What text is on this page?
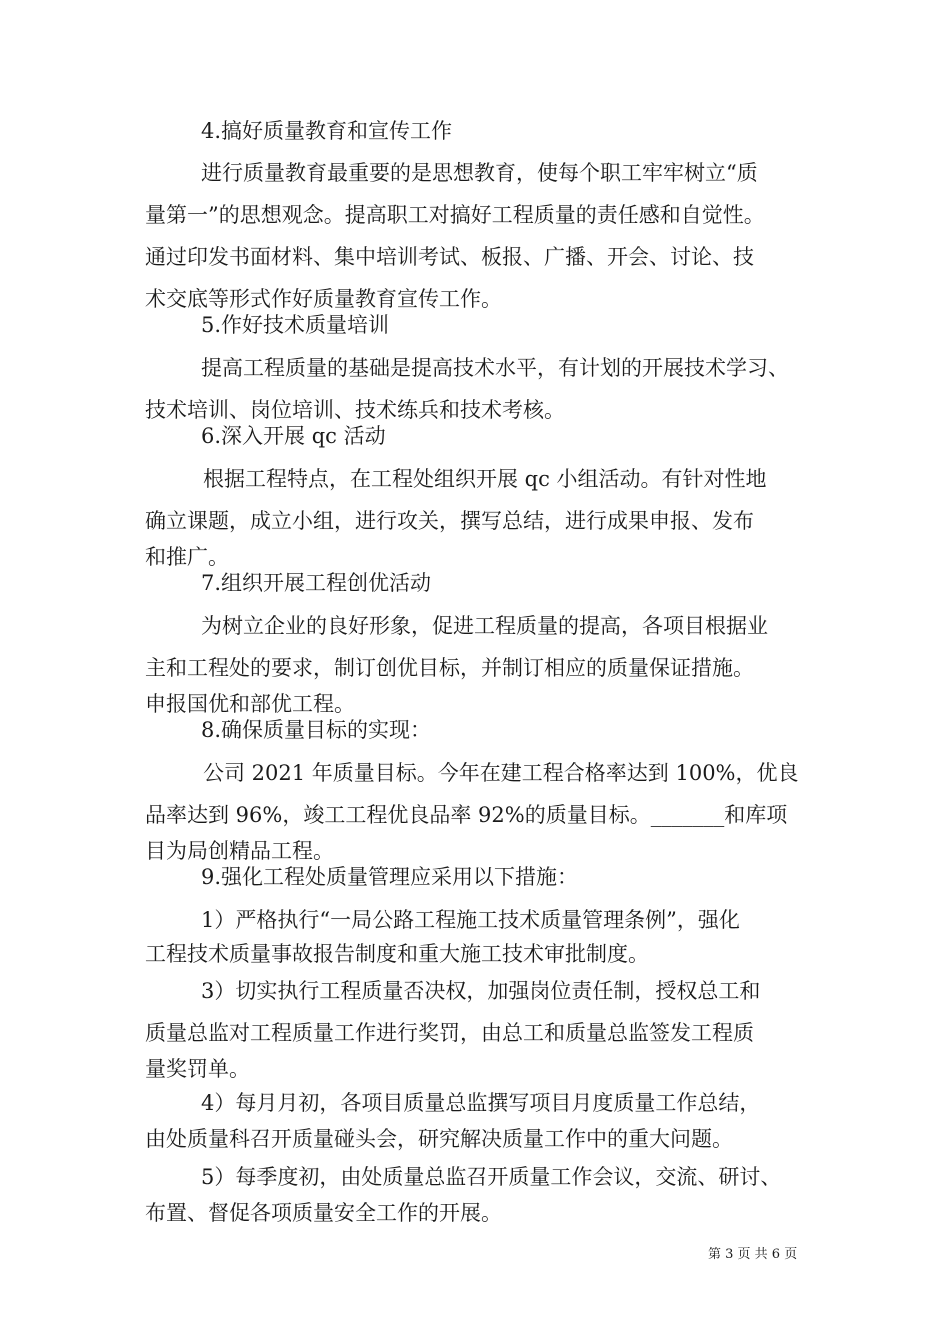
4.搞好质量教育和宣传工作
进行质量教育最重要的是思想教育，使每个职工牢牢树立“质
量第一”的思想观念。提高职工对搞好工程质量的责任感和自觉性。
通过印发书面材料、集中培训考试、板报、广播、开会、讨论、技
术交底等形式作好质量教育宣传工作。
5.作好技术质量培训
提高工程质量的基础是提高技术水平，有计划的开展技术学习、
技术培训、岗位培训、技术练兵和技术考核。
6.深入开展 qc 活动
根据工程特点，在工程处组织开展 qc 小组活动。有针对性地
确立课题，成立小组，进行攻关，撰写总结，进行成果申报、发布
和推广。
7.组织开展工程创优活动
为树立企业的良好形象，促进工程质量的提高，各项目根据业
主和工程处的要求，制订创优目标，并制订相应的质量保证措施。
申报国优和部优工程。
8.确保质量目标的实现：
公司 2021 年质量目标。今年在建工程合格率达到 100%，优良
品率达到 96%，竣工工程优良品率 92%的质量目标。_______和库项
目为局创精品工程。
9.强化工程处质量管理应采用以下措施：
1）严格执行“一局公路工程施工技术质量管理条例”，强化
工程技术质量事故报告制度和重大施工技术审批制度。
3）切实执行工程质量否决权，加强岗位责任制，授权总工和
质量总监对工程质量工作进行奖罚，由总工和质量总监签发工程质
量奖罚单。
4）每月月初，各项目质量总监撰写项目月度质量工作总结，
由处质量科召开质量碰头会，研究解决质量工作中的重大问题。
5）每季度初，由处质量总监召开质量工作会议，交流、研讨、
布置、督促各项质量安全工作的开展。
第 3 页 共 6 页
